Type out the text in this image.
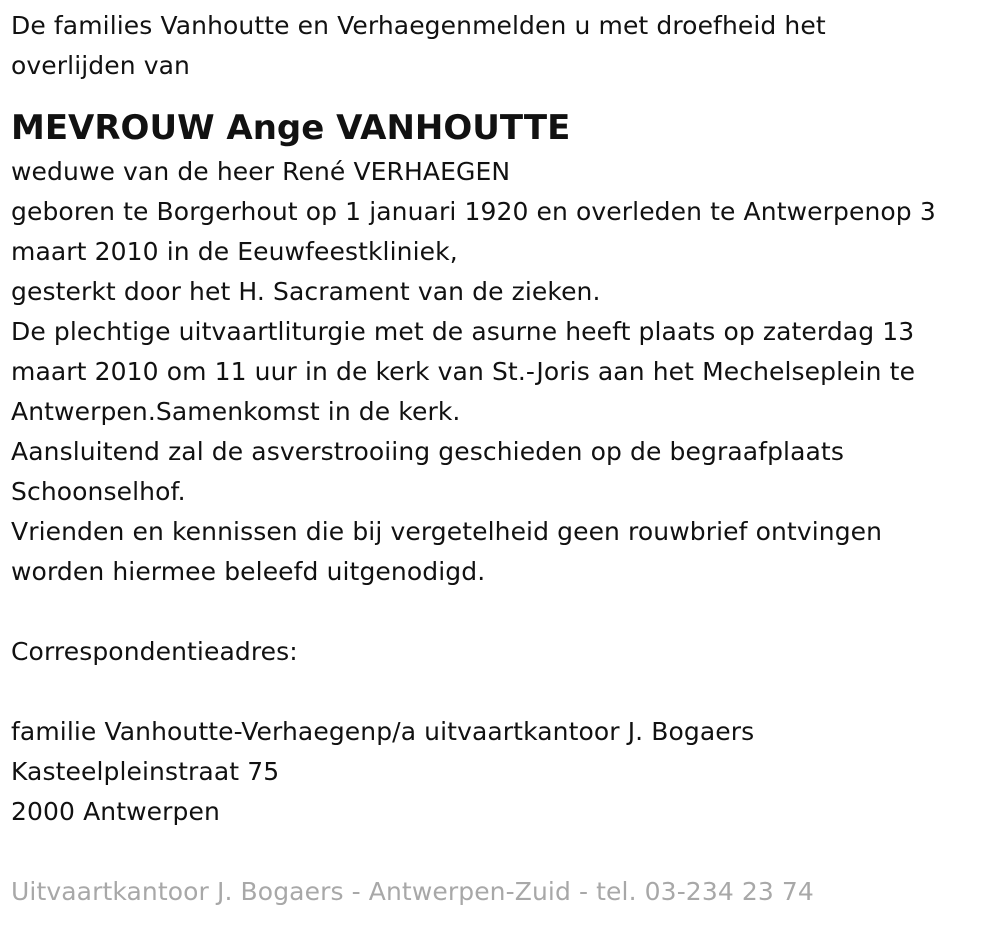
De families Vanhoutte en Verhaegenmelden u met droefheid het
overlijden van
MEVROUW Ange VANHOUTTE
weduwe van de heer René VERHAEGEN
geboren te Borgerhout op 1 januari 1920 en overleden te Antwerpenop 3
maart 2010 in de Eeuwfeestkliniek,
gesterkt door het H. Sacrament van de zieken.
De plechtige uitvaartliturgie met de asurne heeft plaats op zaterdag 13
maart 2010 om 11 uur in de kerk van St.-Joris aan het Mechelseplein te
Antwerpen.Samenkomst in de kerk.
Aansluitend zal de asverstrooiing geschieden op de begraafplaats
Schoonselhof.
Vrienden en kennissen die bij vergetelheid geen rouwbrief ontvingen
worden hiermee beleefd uitgenodigd.
Correspondentieadres:
familie Vanhoutte-Verhaegenp/a uitvaartkantoor J. Bogaers
Kasteelpleinstraat 75
2000 Antwerpen
Uitvaartkantoor J. Bogaers - Antwerpen-Zuid - tel. 03-234 23 74
